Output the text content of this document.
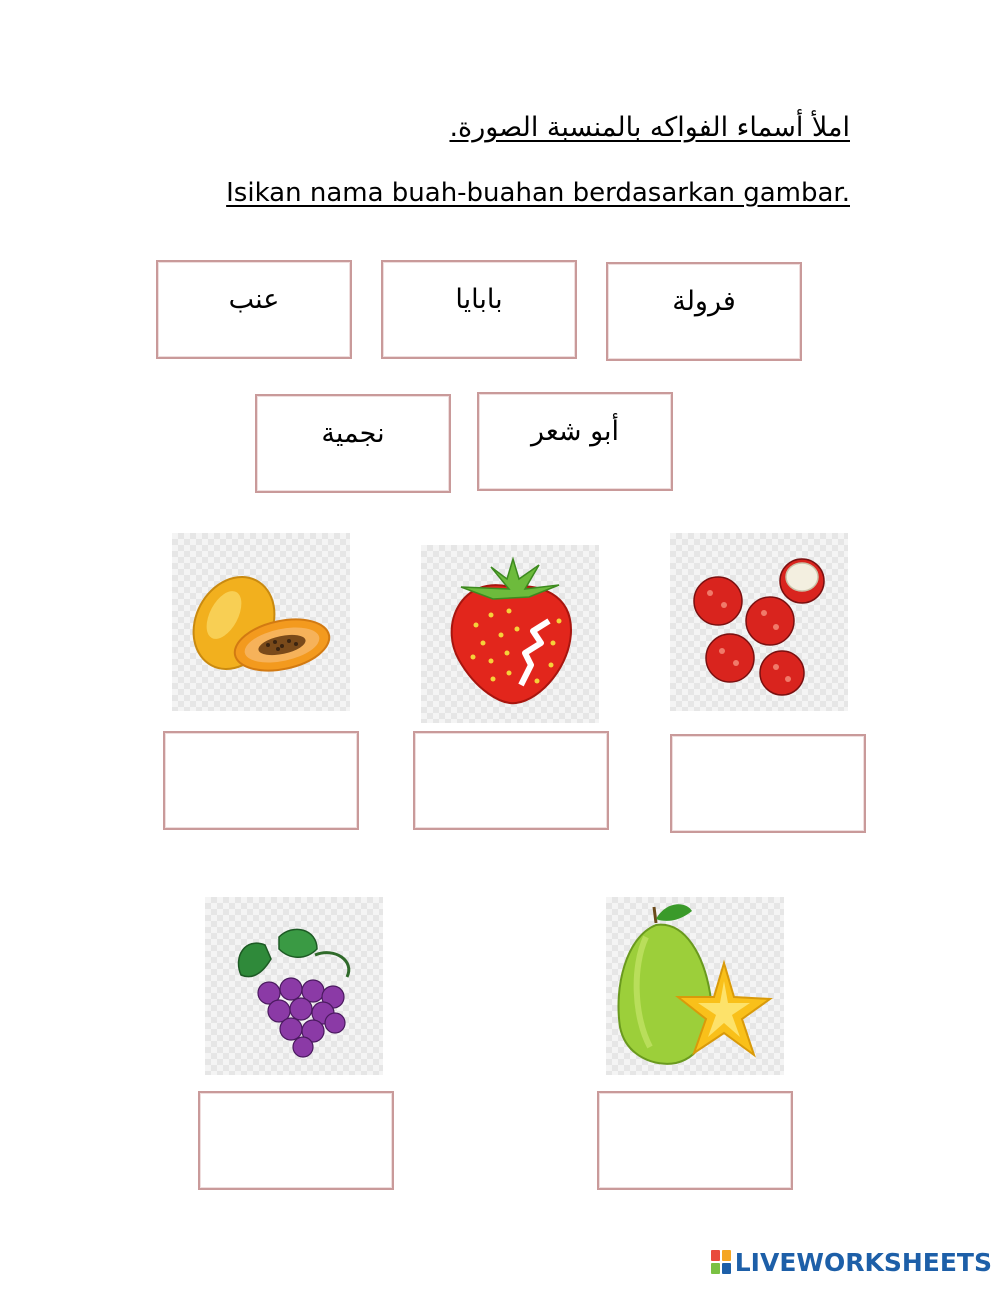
املأ أسماء الفواكه بالمنسبة الصورة.

Isikan nama buah-buahan berdasarkan gambar.

عنب	بابايا	فرولة
نجمية	أبو شعر
LIVEWORKSHEETS
